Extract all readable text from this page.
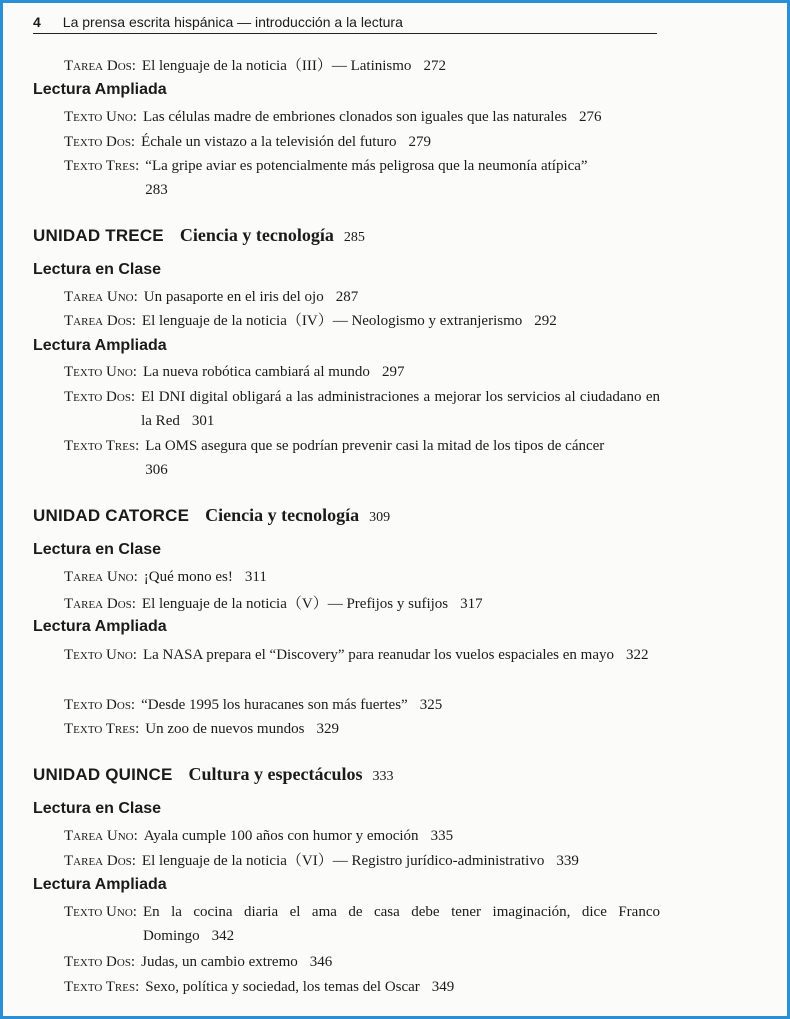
4 La prensa escrita hispánica — introducción a la lectura
Tarea Dos: El lenguaje de la noticia（III）— Latinismo 272
Lectura Ampliada
Texto Uno: Las células madre de embriones clonados son iguales que las naturales 276
Texto Dos: Échale un vistazo a la televisión del futuro 279
Texto Tres: “La gripe aviar es potencialmente más peligrosa que la neumonía atípica”
283
UNIDAD TRECE Ciencia y tecnología 285
Lectura en Clase
Tarea Uno: Un pasaporte en el iris del ojo 287
Tarea Dos: El lenguaje de la noticia（IV）— Neologismo y extranjerismo 292
Lectura Ampliada
Texto Uno: La nueva robótica cambiará al mundo 297
Texto Dos: El DNI digital obligará a las administraciones a mejorar los servicios al ciudadano en la Red 301
Texto Tres: La OMS asegura que se podrían prevenir casi la mitad de los tipos de cáncer
306
UNIDAD CATORCE Ciencia y tecnología 309
Lectura en Clase
Tarea Uno: ¡Qué mono es! 311
Tarea Dos: El lenguaje de la noticia（V）— Prefijos y sufijos 317
Lectura Ampliada
Texto Uno: La NASA prepara el “Discovery” para reanudar los vuelos espaciales en mayo 322
Texto Dos: “Desde 1995 los huracanes son más fuertes” 325
Texto Tres: Un zoo de nuevos mundos 329
UNIDAD QUINCE Cultura y espectáculos 333
Lectura en Clase
Tarea Uno: Ayala cumple 100 años con humor y emoción 335
Tarea Dos: El lenguaje de la noticia（VI）— Registro jurídico-administrativo 339
Lectura Ampliada
Texto Uno: En la cocina diaria el ama de casa debe tener imaginación, dice Franco Domingo 342
Texto Dos: Judas, un cambio extremo 346
Texto Tres: Sexo, política y sociedad, los temas del Oscar 349
